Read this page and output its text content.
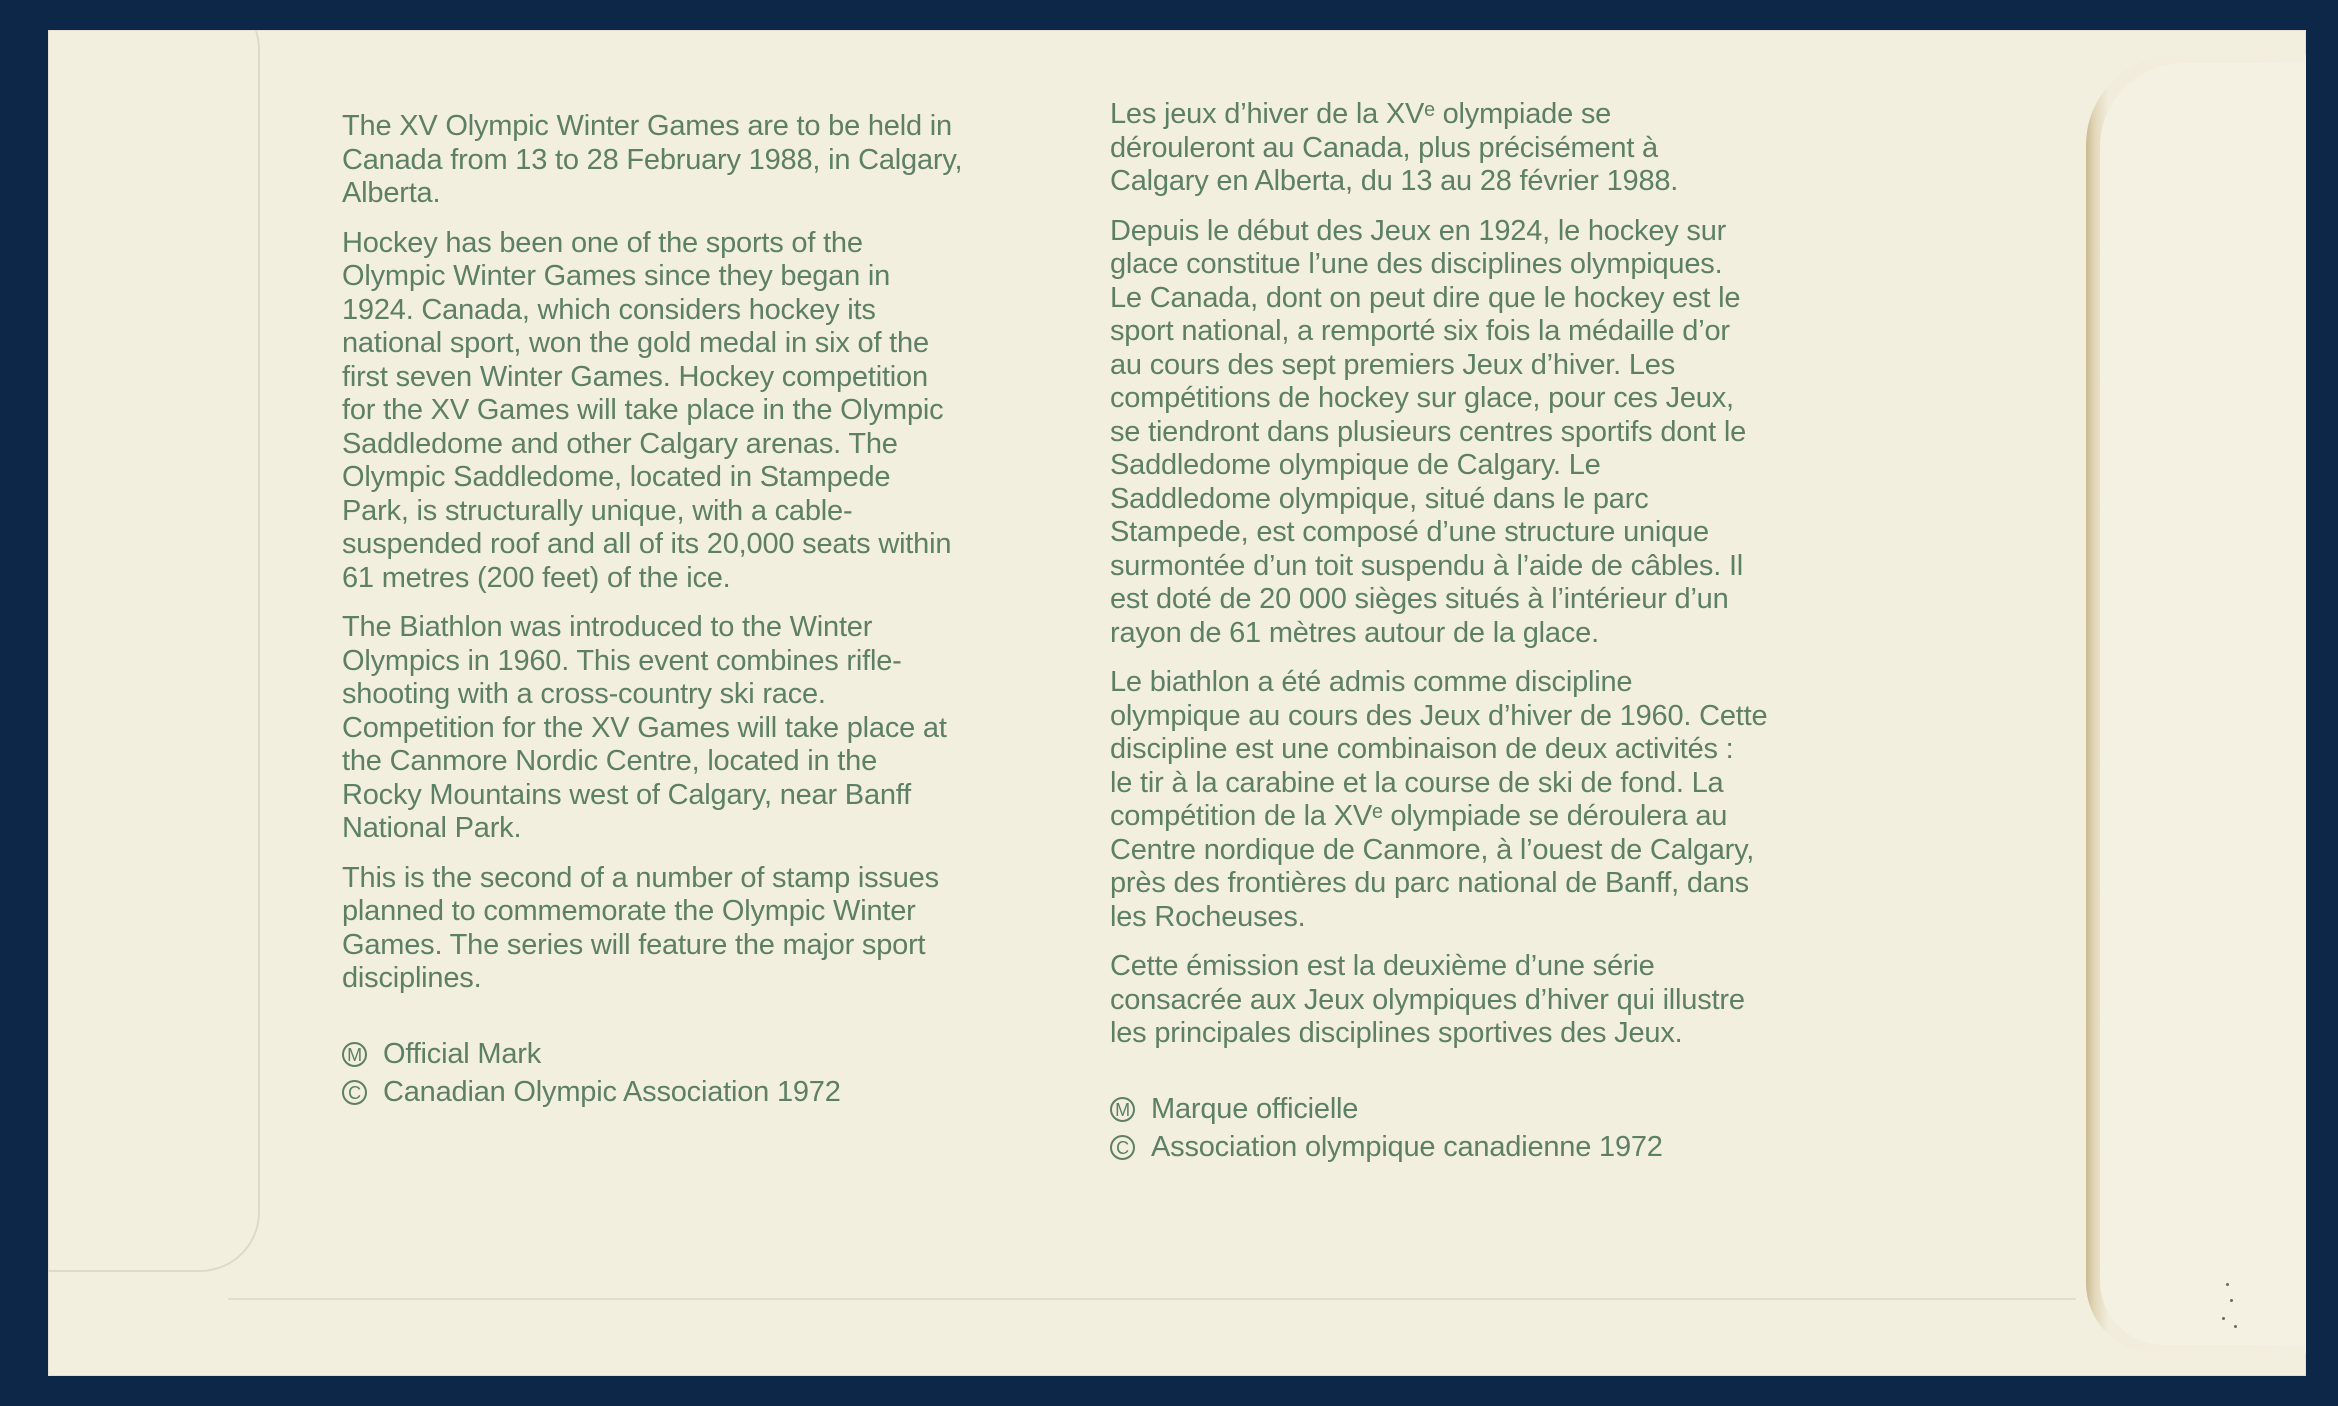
The XV Olympic Winter Games are to be held in
Canada from 13 to 28 February 1988, in Calgary,
Alberta.
Hockey has been one of the sports of the
Olympic Winter Games since they began in
1924. Canada, which considers hockey its
national sport, won the gold medal in six of the
first seven Winter Games. Hockey competition
for the XV Games will take place in the Olympic
Saddledome and other Calgary arenas. The
Olympic Saddledome, located in Stampede
Park, is structurally unique, with a cable-
suspended roof and all of its 20,000 seats within
61 metres (200 feet) of the ice.
The Biathlon was introduced to the Winter
Olympics in 1960. This event combines rifle-
shooting with a cross-country ski race.
Competition for the XV Games will take place at
the Canmore Nordic Centre, located in the
Rocky Mountains west of Calgary, near Banff
National Park.
This is the second of a number of stamp issues
planned to commemorate the Olympic Winter
Games. The series will feature the major sport
disciplines.
M Official Mark
C Canadian Olympic Association 1972
Les jeux d’hiver de la XVᵉ olympiade se
dérouleront au Canada, plus précisément à
Calgary en Alberta, du 13 au 28 février 1988.
Depuis le début des Jeux en 1924, le hockey sur
glace constitue l’une des disciplines olympiques.
Le Canada, dont on peut dire que le hockey est le
sport national, a remporté six fois la médaille d’or
au cours des sept premiers Jeux d’hiver. Les
compétitions de hockey sur glace, pour ces Jeux,
se tiendront dans plusieurs centres sportifs dont le
Saddledome olympique de Calgary. Le
Saddledome olympique, situé dans le parc
Stampede, est composé d’une structure unique
surmontée d’un toit suspendu à l’aide de câbles. Il
est doté de 20 000 sièges situés à l’intérieur d’un
rayon de 61 mètres autour de la glace.
Le biathlon a été admis comme discipline
olympique au cours des Jeux d’hiver de 1960. Cette
discipline est une combinaison de deux activités :
le tir à la carabine et la course de ski de fond. La
compétition de la XVᵉ olympiade se déroulera au
Centre nordique de Canmore, à l’ouest de Calgary,
près des frontières du parc national de Banff, dans
les Rocheuses.
Cette émission est la deuxième d’une série
consacrée aux Jeux olympiques d’hiver qui illustre
les principales disciplines sportives des Jeux.
M Marque officielle
C Association olympique canadienne 1972
